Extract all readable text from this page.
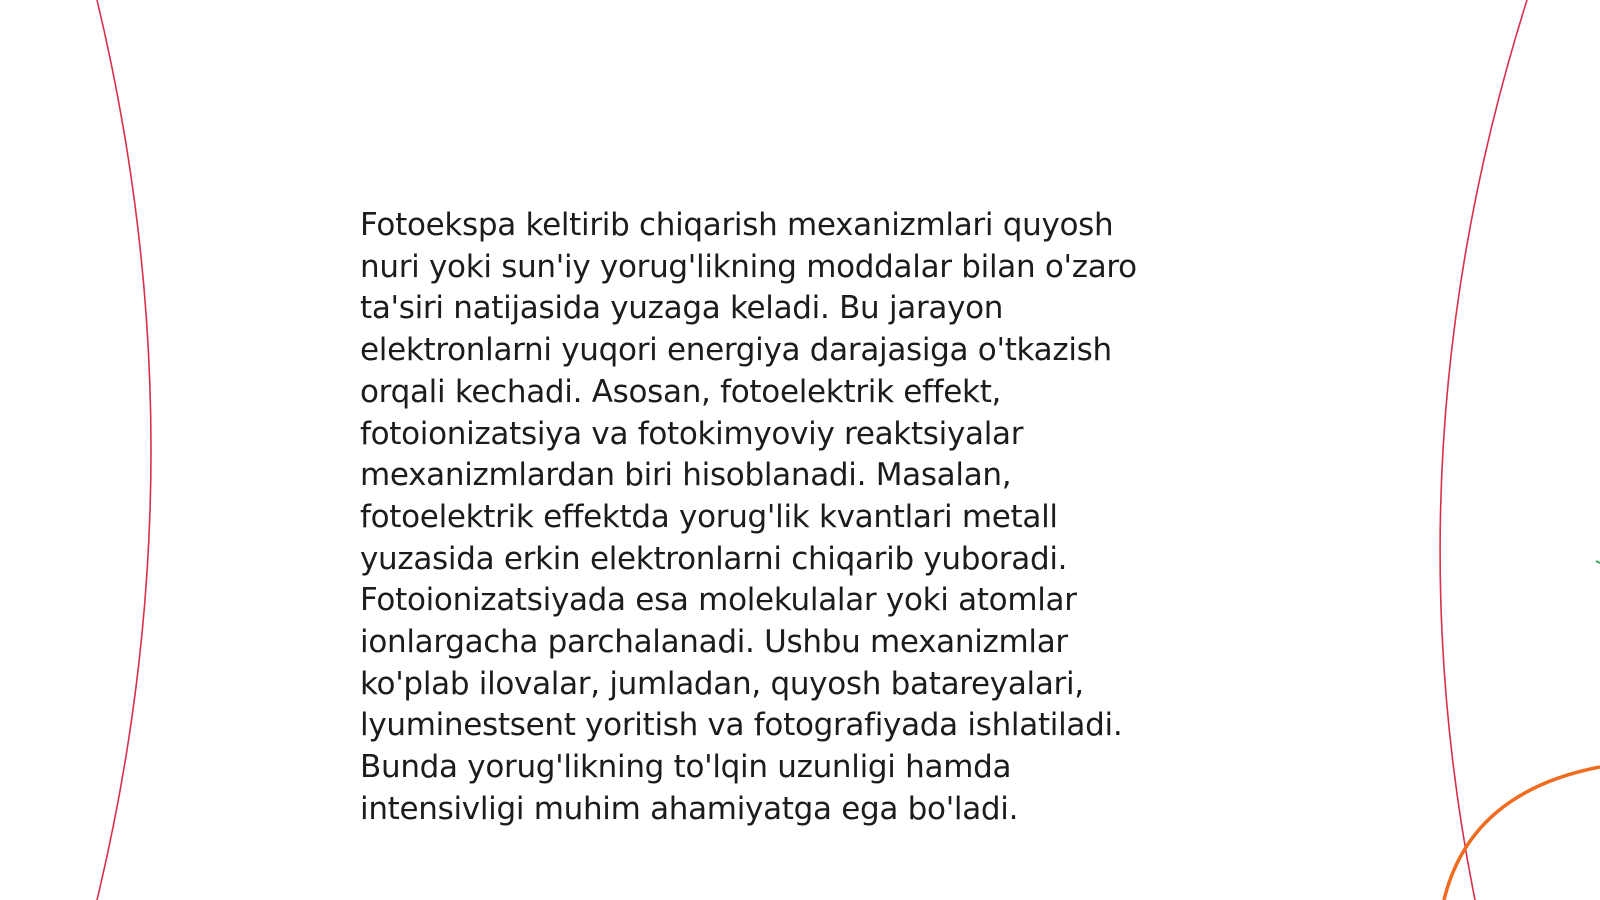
Fotoekspa keltirib chiqarish mexanizmlari quyosh
nuri yoki sun'iy yorug'likning moddalar bilan o'zaro
ta'siri natijasida yuzaga keladi. Bu jarayon
elektronlarni yuqori energiya darajasiga o'tkazish
orqali kechadi. Asosan, fotoelektrik effekt,
fotoionizatsiya va fotokimyoviy reaktsiyalar
mexanizmlardan biri hisoblanadi. Masalan,
fotoelektrik effektda yorug'lik kvantlari metall
yuzasida erkin elektronlarni chiqarib yuboradi.
Fotoionizatsiyada esa molekulalar yoki atomlar
ionlargacha parchalanadi. Ushbu mexanizmlar
ko'plab ilovalar, jumladan, quyosh batareyalari,
lyuminestsent yoritish va fotografiyada ishlatiladi.
Bunda yorug'likning to'lqin uzunligi hamda
intensivligi muhim ahamiyatga ega bo'ladi.
